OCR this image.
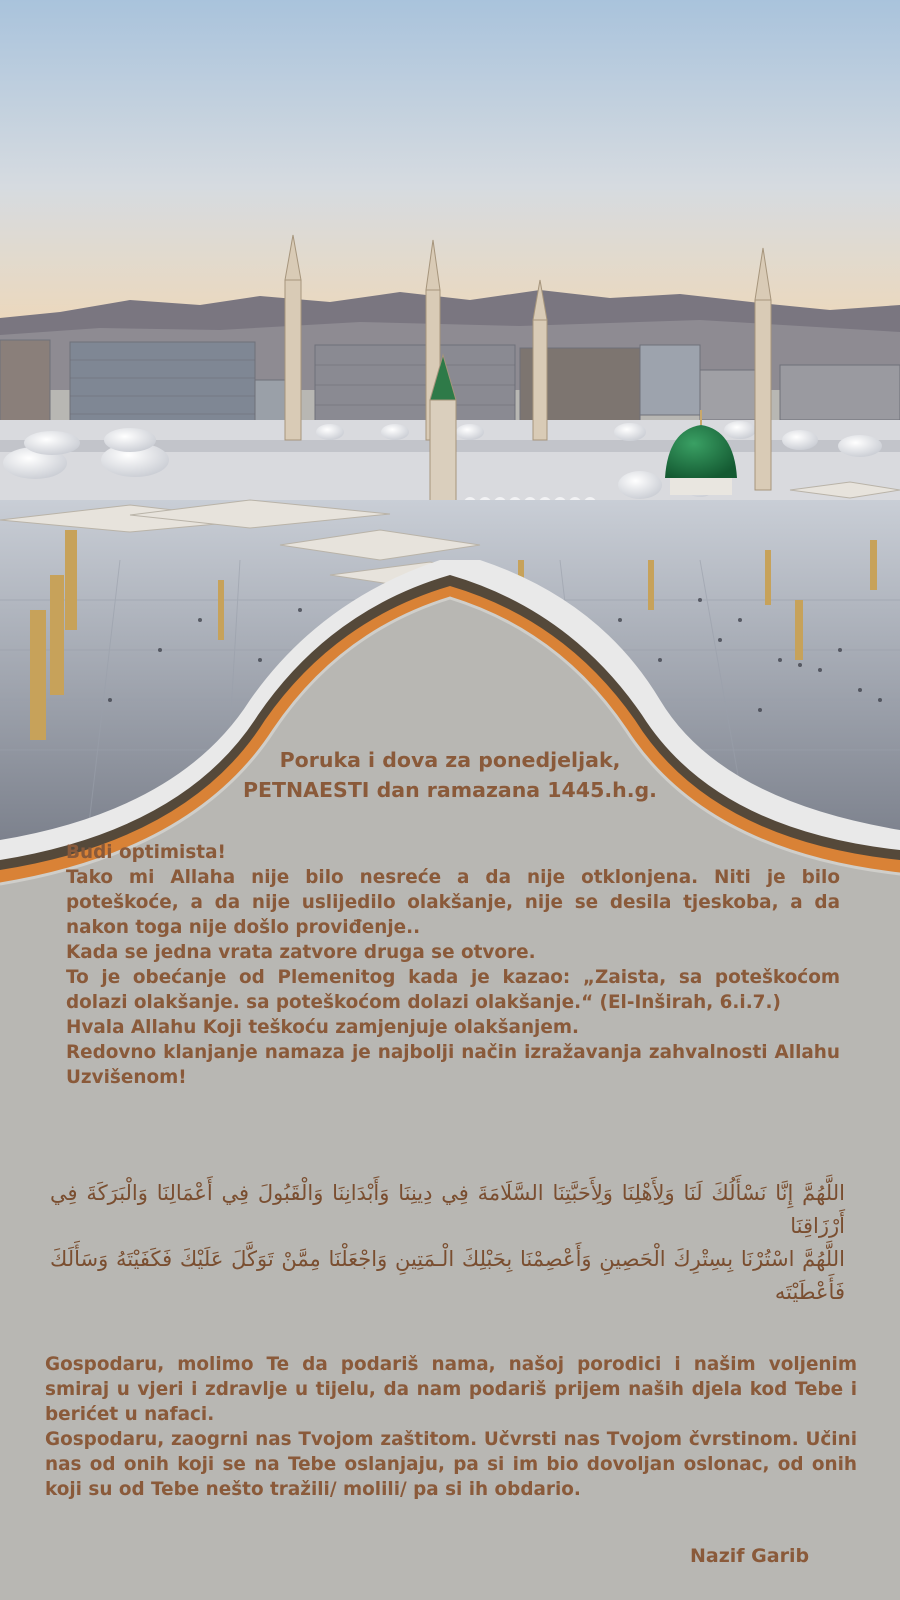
Poruka i dova za ponedjeljak,
PETNAESTI dan ramazana 1445.h.g.

Budi optimista!

Tako mi Allaha nije bilo nesreće a da nije otklonjena. Niti je bilo poteškoće, a da nije uslijedilo olakšanje, nije se desila tjeskoba, a da nakon toga nije došlo proviđenje..

Kada se jedna vrata zatvore druga se otvore.

To je obećanje od Plemenitog kada je kazao: „Zaista, sa poteškoćom dolazi olakšanje. sa poteškoćom dolazi olakšanje.“ (El-Inširah, 6.i.7.)

Hvala Allahu Koji teškoću zamjenjuje olakšanjem.

Redovno klanjanje namaza je najbolji način izražavanja zahvalnosti Allahu Uzvišenom!

اللَّهُمَّ إِنَّا نَسْأَلُكَ لَنَا وَلِأَهْلِنَا وَلِأَحَبَّتِنَا السَّلَامَةَ فِي دِينِنَا وَأَبْدَانِنَا وَالْقَبُولَ فِي أَعْمَالِنَا وَالْبَرَكَةَ فِي أَرْزَاقِنَا

اللَّهُمَّ اسْتُرْنَا بِسِتْرِكَ الْحَصِينِ وَأَعْصِمْنَا بِحَبْلِكَ الْـمَتِينِ وَاجْعَلْنَا مِمَّنْ تَوَكَّلَ عَلَيْكَ فَكَفَيْتَهُ وَسَأَلَكَ فَأَعْطَيْتَه

Gospodaru, molimo Te da podariš nama, našoj porodici i našim voljenim smiraj u vjeri i zdravlje u tijelu, da nam podariš prijem naših djela kod Tebe i berićet u nafaci.

Gospodaru, zaogrni nas Tvojom zaštitom. Učvrsti nas Tvojom čvrstinom. Učini nas od onih koji se na Tebe oslanjaju, pa si im bio dovoljan oslonac, od onih koji su od Tebe nešto tražili/ molili/ pa si ih obdario.

Nazif Garib
